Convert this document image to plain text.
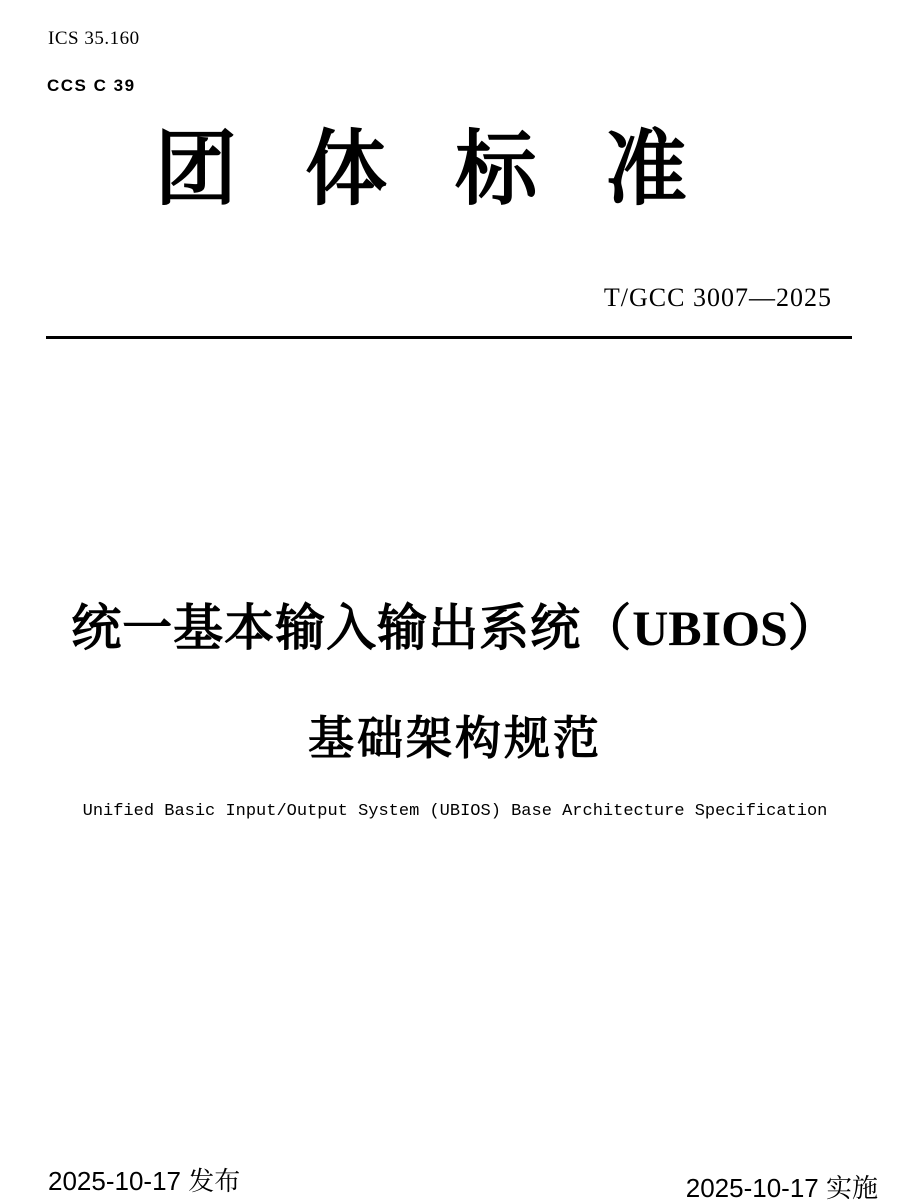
ICS 35.160
CCS C 39
团体标准
T/GCC 3007—2025
统一基本输入输出系统（UBIOS）
基础架构规范
Unified Basic Input/Output System (UBIOS) Base Architecture Specification
2025-10-17 发布	2025-10-17 实施
